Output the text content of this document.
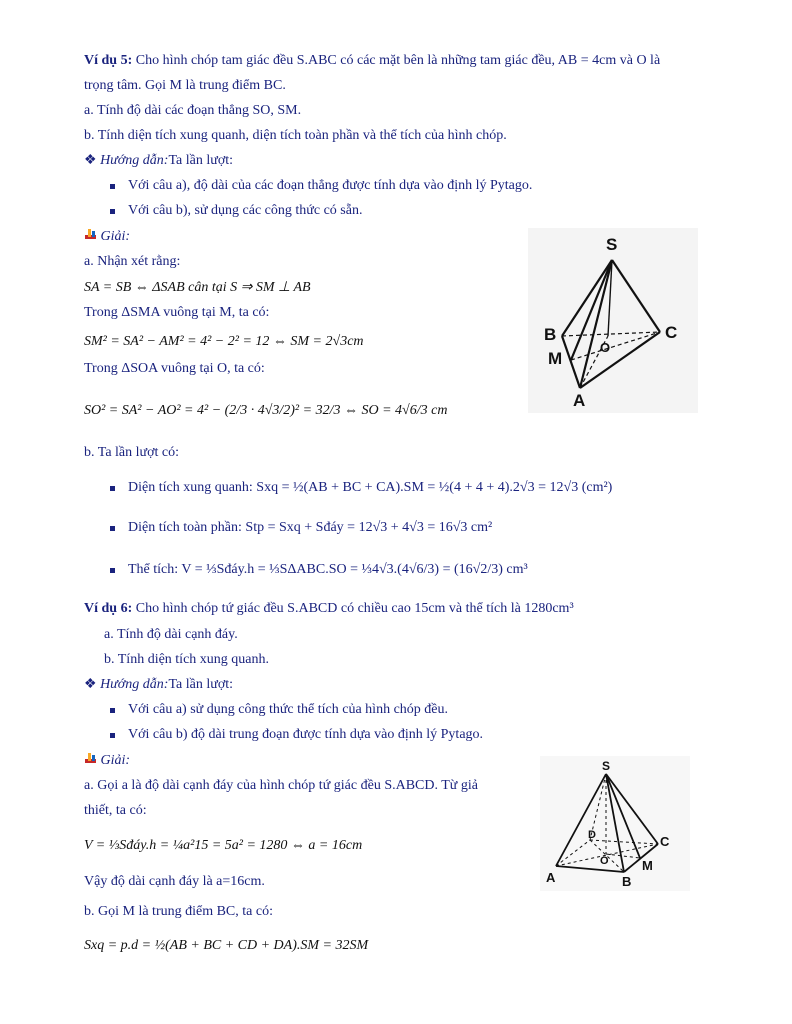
Ví dụ 5: Cho hình chóp tam giác đều S.ABC có các mặt bên là những tam giác đều, AB = 4cm và O là
trọng tâm. Gọi M là trung điểm BC.
a. Tính độ dài các đoạn thẳng SO, SM.
b. Tính diện tích xung quanh, diện tích toàn phần và thể tích của hình chóp.
❖ Hướng dẫn:Ta lần lượt:
Với câu a), độ dài của các đoạn thẳng được tính dựa vào định lý Pytago.
Với câu b), sử dụng các công thức có sẵn.
Giải:
a. Nhận xét rằng:
SA = SB ⇔ ΔSAB cân tại S ⇒ SM ⊥ AB
Trong ΔSMA vuông tại M, ta có:
SM² = SA² − AM² = 4² − 2² = 12 ⇔ SM = 2√3cm
Trong ΔSOA vuông tại O, ta có:
SO² = SA² − AO² = 4² − (2/3 · 4√3/2)² = 32/3 ⇔ SO = 4√6/3 cm
b. Ta lần lượt có:
Diện tích xung quanh: Sxq = ½(AB + BC + CA).SM = ½(4 + 4 + 4).2√3 = 12√3 (cm²)
Diện tích toàn phần: Stp = Sxq + Sđáy = 12√3 + 4√3 = 16√3 cm²
Thể tích: V = ⅓Sđáy.h = ⅓SΔABC.SO = ⅓4√3.(4√6/3) = (16√2/3) cm³
S
B	C
M
O
A
Ví dụ 6: Cho hình chóp tứ giác đều S.ABCD có chiều cao 15cm và thể tích là 1280cm³
a. Tính độ dài cạnh đáy.
b. Tính diện tích xung quanh.
❖ Hướng dẫn:Ta lần lượt:
Với câu a) sử dụng công thức thể tích của hình chóp đều.
Với câu b) độ dài trung đoạn được tính dựa vào định lý Pytago.
Giải:
a. Gọi a là độ dài cạnh đáy của hình chóp tứ giác đều S.ABCD. Từ giả
thiết, ta có:
V = ⅓Sđáy.h = ¼a²15 = 5a² = 1280 ⇔ a = 16cm
Vậy độ dài cạnh đáy là a=16cm.
b. Gọi M là trung điểm BC, ta có:
Sxq = p.d = ½(AB + BC + CD + DA).SM = 32SM
S
D	C
O	M
A	B
